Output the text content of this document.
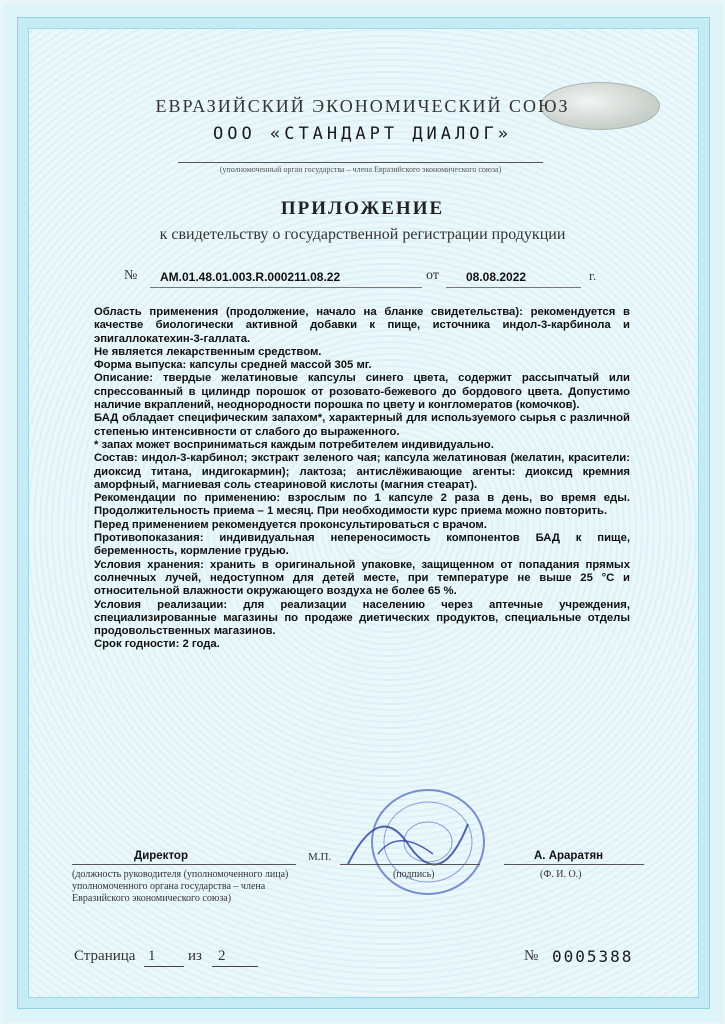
ЕВРАЗИЙСКИЙ ЭКОНОМИЧЕСКИЙ СОЮЗ
ООО «СТАНДАРТ ДИАЛОГ»
(уполномоченный орган государства – члена Евразийского экономического союза)
ПРИЛОЖЕНИЕ
к свидетельству о государственной регистрации продукции
№ AM.01.48.01.003.R.000211.08.22	от 08.08.2022	г.

Область применения (продолжение, начало на бланке свидетельства): рекомендуется в качестве биологически активной добавки к пище, источника индол-3-карбинола и эпигаллокатехин-3-галлата.

Не является лекарственным средством.

Форма выпуска: капсулы средней массой 305 мг.

Описание: твердые желатиновые капсулы синего цвета, содержит рассыпчатый или спрессованный в цилиндр порошок от розовато-бежевого до бордового цвета. Допустимо наличие вкраплений, неоднородности порошка по цвету и конгломератов (комочков).

БАД обладает специфическим запахом*, характерный для используемого сырья с различной степенью интенсивности от слабого до выраженного.

* запах может восприниматься каждым потребителем индивидуально.

Состав: индол-3-карбинол; экстракт зеленого чая; капсула желатиновая (желатин, красители: диоксид титана, индигокармин); лактоза; антислёживающие агенты: диоксид кремния аморфный, магниевая соль стеариновой кислоты (магния стеарат).

Рекомендации по применению: взрослым по 1 капсуле 2 раза в день, во время еды. Продолжительность приема – 1 месяц. При необходимости курс приема можно повторить.

Перед применением рекомендуется проконсультироваться с врачом.

Противопоказания: индивидуальная непереносимость компонентов БАД к пище, беременность, кормление грудью.

Условия хранения: хранить в оригинальной упаковке, защищенном от попадания прямых солнечных лучей, недоступном для детей месте, при температуре не выше 25 °С и относительной влажности окружающего воздуха не более 65 %.

Условия реализации: для реализации населению через аптечные учреждения, специализированные магазины по продаже диетических продуктов, специальные отделы продовольственных магазинов.

Срок годности: 2 года.

Директор	М.П.	А. Араратян
(должность руководителя (уполномоченного лица) уполномоченного органа государства – члена Евразийского экономического союза)
(подпись)	(Ф. И. О.)
Страница 1	из 2	№ 0005388
